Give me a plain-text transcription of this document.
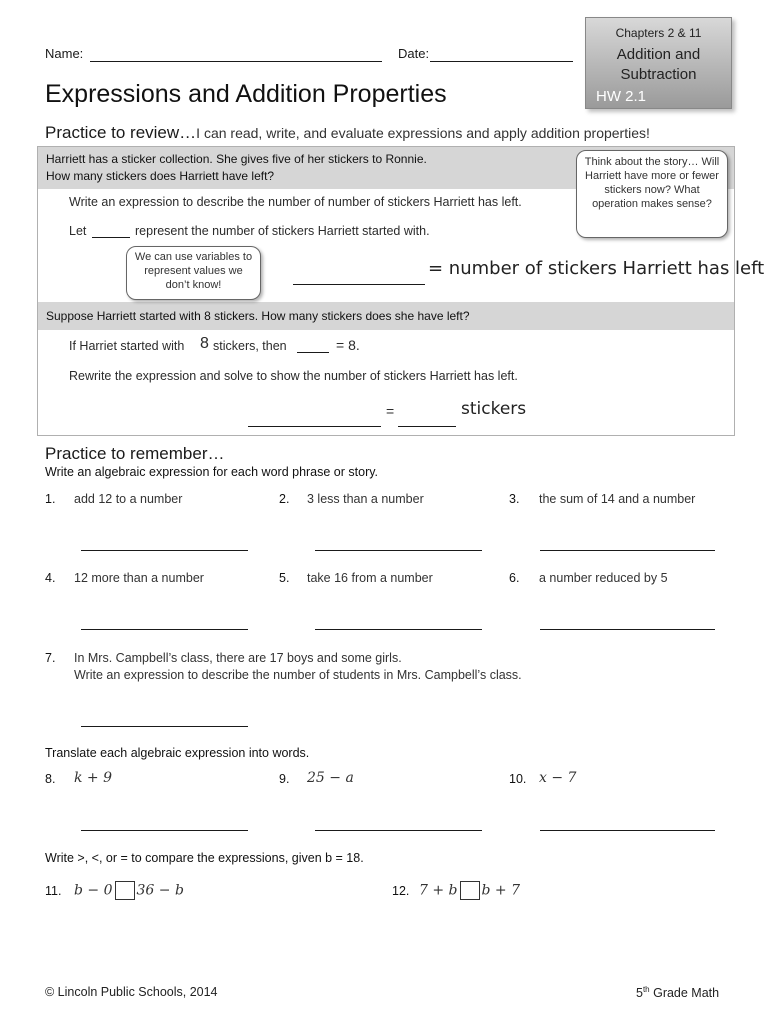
Name:	Date:
Chapters 2 & 11
Addition and
Subtraction
HW 2.1
Expressions and Addition Properties
Practice to review…I can read, write, and evaluate expressions and apply addition properties!
Harriett has a sticker collection. She gives five of her stickers to Ronnie.
How many stickers does Harriett have left?
Write an expression to describe the number of number of stickers Harriett has left.
Let	represent the number of stickers Harriett started with.
= number of stickers Harriett has left
Suppose Harriett started with 8 stickers. How many stickers does she have left?
If Harriet started with 8 stickers, then	= 8.
Rewrite the expression and solve to show the number of stickers Harriett has left.
=	stickers
We can use variables to represent values we don’t know!
Think about the story… Will Harriett have more or fewer stickers now? What operation makes sense?
Practice to remember…
Write an algebraic expression for each word phrase or story.
1. add 12 to a number	2. 3 less than a number	3. the sum of 14 and a number
4. 12 more than a number	5. take 16 from a number	6. a number reduced by 5
7. In Mrs. Campbell’s class, there are 17 boys and some girls.
Write an expression to describe the number of students in Mrs. Campbell’s class.
Translate each algebraic expression into words.
8. k + 9	9. 25 − a	10. x − 7
Write >, <, or = to compare the expressions, given b = 18.
11. b − 0 36 − b	12. 7 + b b + 7
© Lincoln Public Schools, 2014	5th Grade Math
